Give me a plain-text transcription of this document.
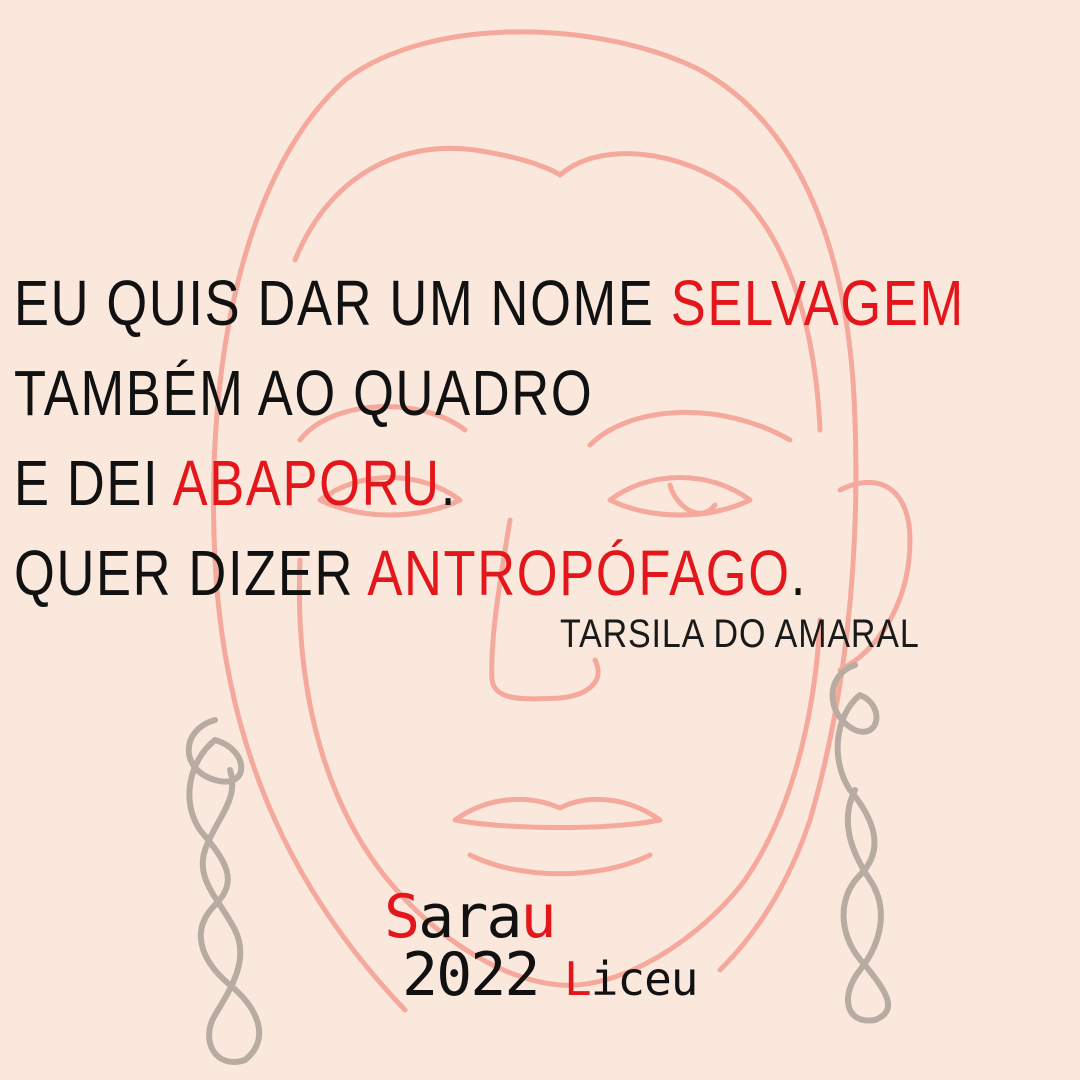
EU QUIS DAR UM NOME SELVAGEM
TAMBÉM AO QUADRO
E DEI ABAPORU.
QUER DIZER ANTROPÓFAGO.
TARSILA DO AMARAL
Sarau
2022 Liceu
